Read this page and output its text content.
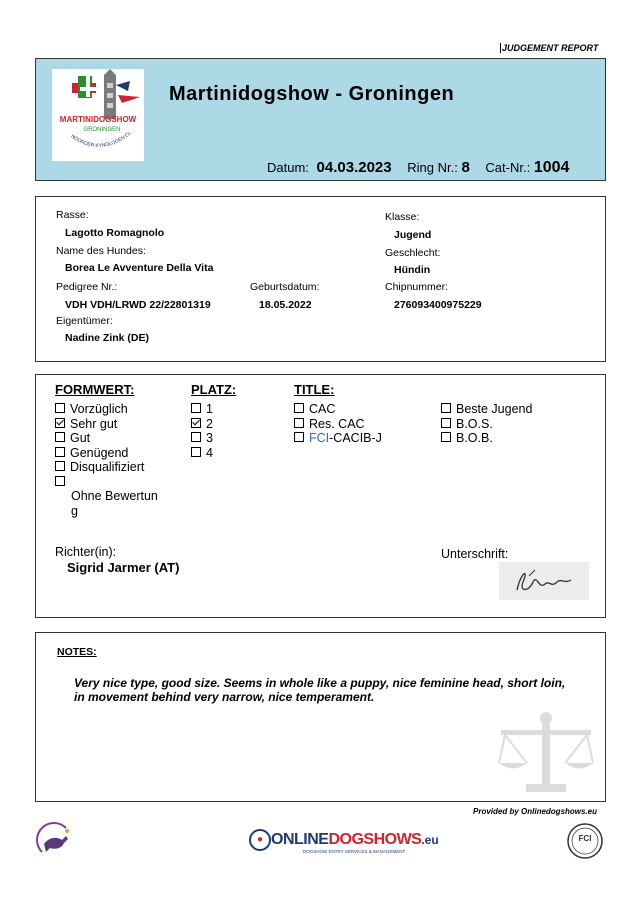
JUDGEMENT REPORT
MARTINIDOGSHOW
GRONINGEN
NOORDER KYNOLOGEN CL
Martinidogshow - Groningen
Datum: 04.03.2023 Ring Nr.: 8 Cat-Nr.: 1004
Rasse:
Lagotto Romagnolo
Name des Hundes:
Borea Le Avventure Della Vita
Pedigree Nr.:
VDH VDH/LRWD 22/22801319
Geburtsdatum:
18.05.2022
Eigentümer:
Nadine Zink (DE)
Klasse:
Jugend
Geschlecht:
Hündin
Chipnummer:
276093400975229
FORMWERT:	PLATZ:	TITLE:
Vorzüglich
Sehr gut
Gut
Genügend
Disqualifiziert
Ohne Bewertun
g
1
2
3
4
CAC
Res. CAC
FCI-CACIB-J
Beste Jugend
B.O.S.
B.O.B.
Richter(in):
Sigrid Jarmer (AT)
Unterschrift:
NOTES:
Very nice type, good size. Seems in whole like a puppy, nice feminine head, short loin, in movement behind very narrow, nice temperament.
Provided by Onlinedogshows.eu
● ONLINEDOGSHOWS.eu
DOGSHOW ENTRY SERVICES & MANAGEMENT
FCI
